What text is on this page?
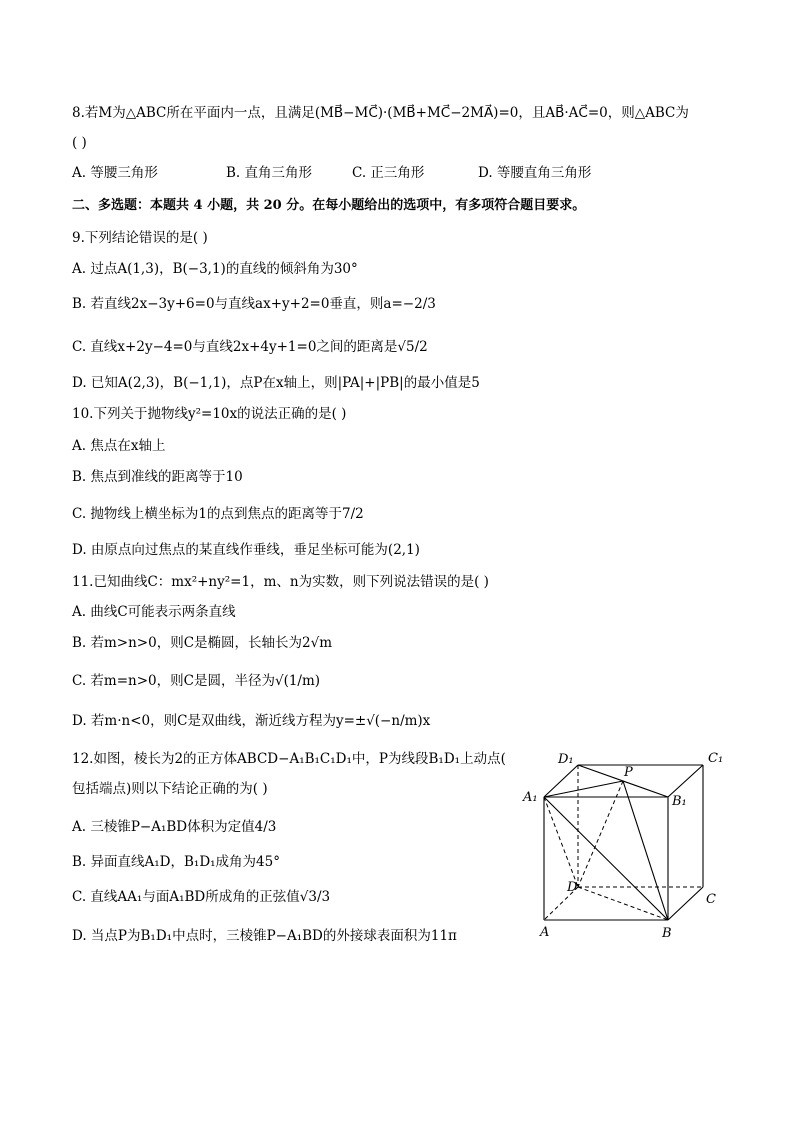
8.若M为△ABC所在平面内一点，且满足(MB⃗−MC⃗)·(MB⃗+MC⃗−2MA⃗)=0，且AB⃗·AC⃗=0，则△ABC为
( )
A. 等腰三角形	B. 直角三角形	C. 正三角形	D. 等腰直角三角形
二、多选题：本题共 4 小题，共 20 分。在每小题给出的选项中，有多项符合题目要求。
9.下列结论错误的是( )
A. 过点A(1,3)，B(−3,1)的直线的倾斜角为30°
B. 若直线2x−3y+6=0与直线ax+y+2=0垂直，则a=−2/3
C. 直线x+2y−4=0与直线2x+4y+1=0之间的距离是√5/2
D. 已知A(2,3)，B(−1,1)，点P在x轴上，则|PA|+|PB|的最小值是5
10.下列关于抛物线y²=10x的说法正确的是( )
A. 焦点在x轴上
B. 焦点到准线的距离等于10
C. 抛物线上横坐标为1的点到焦点的距离等于7/2
D. 由原点向过焦点的某直线作垂线，垂足坐标可能为(2,1)
11.已知曲线C：mx²+ny²=1，m、n为实数，则下列说法错误的是( )
A. 曲线C可能表示两条直线
B. 若m>n>0，则C是椭圆，长轴长为2√m
C. 若m=n>0，则C是圆，半径为√(1/m)
D. 若m·n<0，则C是双曲线，渐近线方程为y=±√(−n/m)x
12.如图，棱长为2的正方体ABCD−A₁B₁C₁D₁中，P为线段B₁D₁上动点(
包括端点)则以下结论正确的为( )
A. 三棱锥P−A₁BD体积为定值4/3
B. 异面直线A₁D，B₁D₁成角为45°
C. 直线AA₁与面A₁BD所成角的正弦值√3/3
D. 当点P为B₁D₁中点时，三棱锥P−A₁BD的外接球表面积为11π
D₁	C₁
P
A₁	B₁
D
C
A	B
